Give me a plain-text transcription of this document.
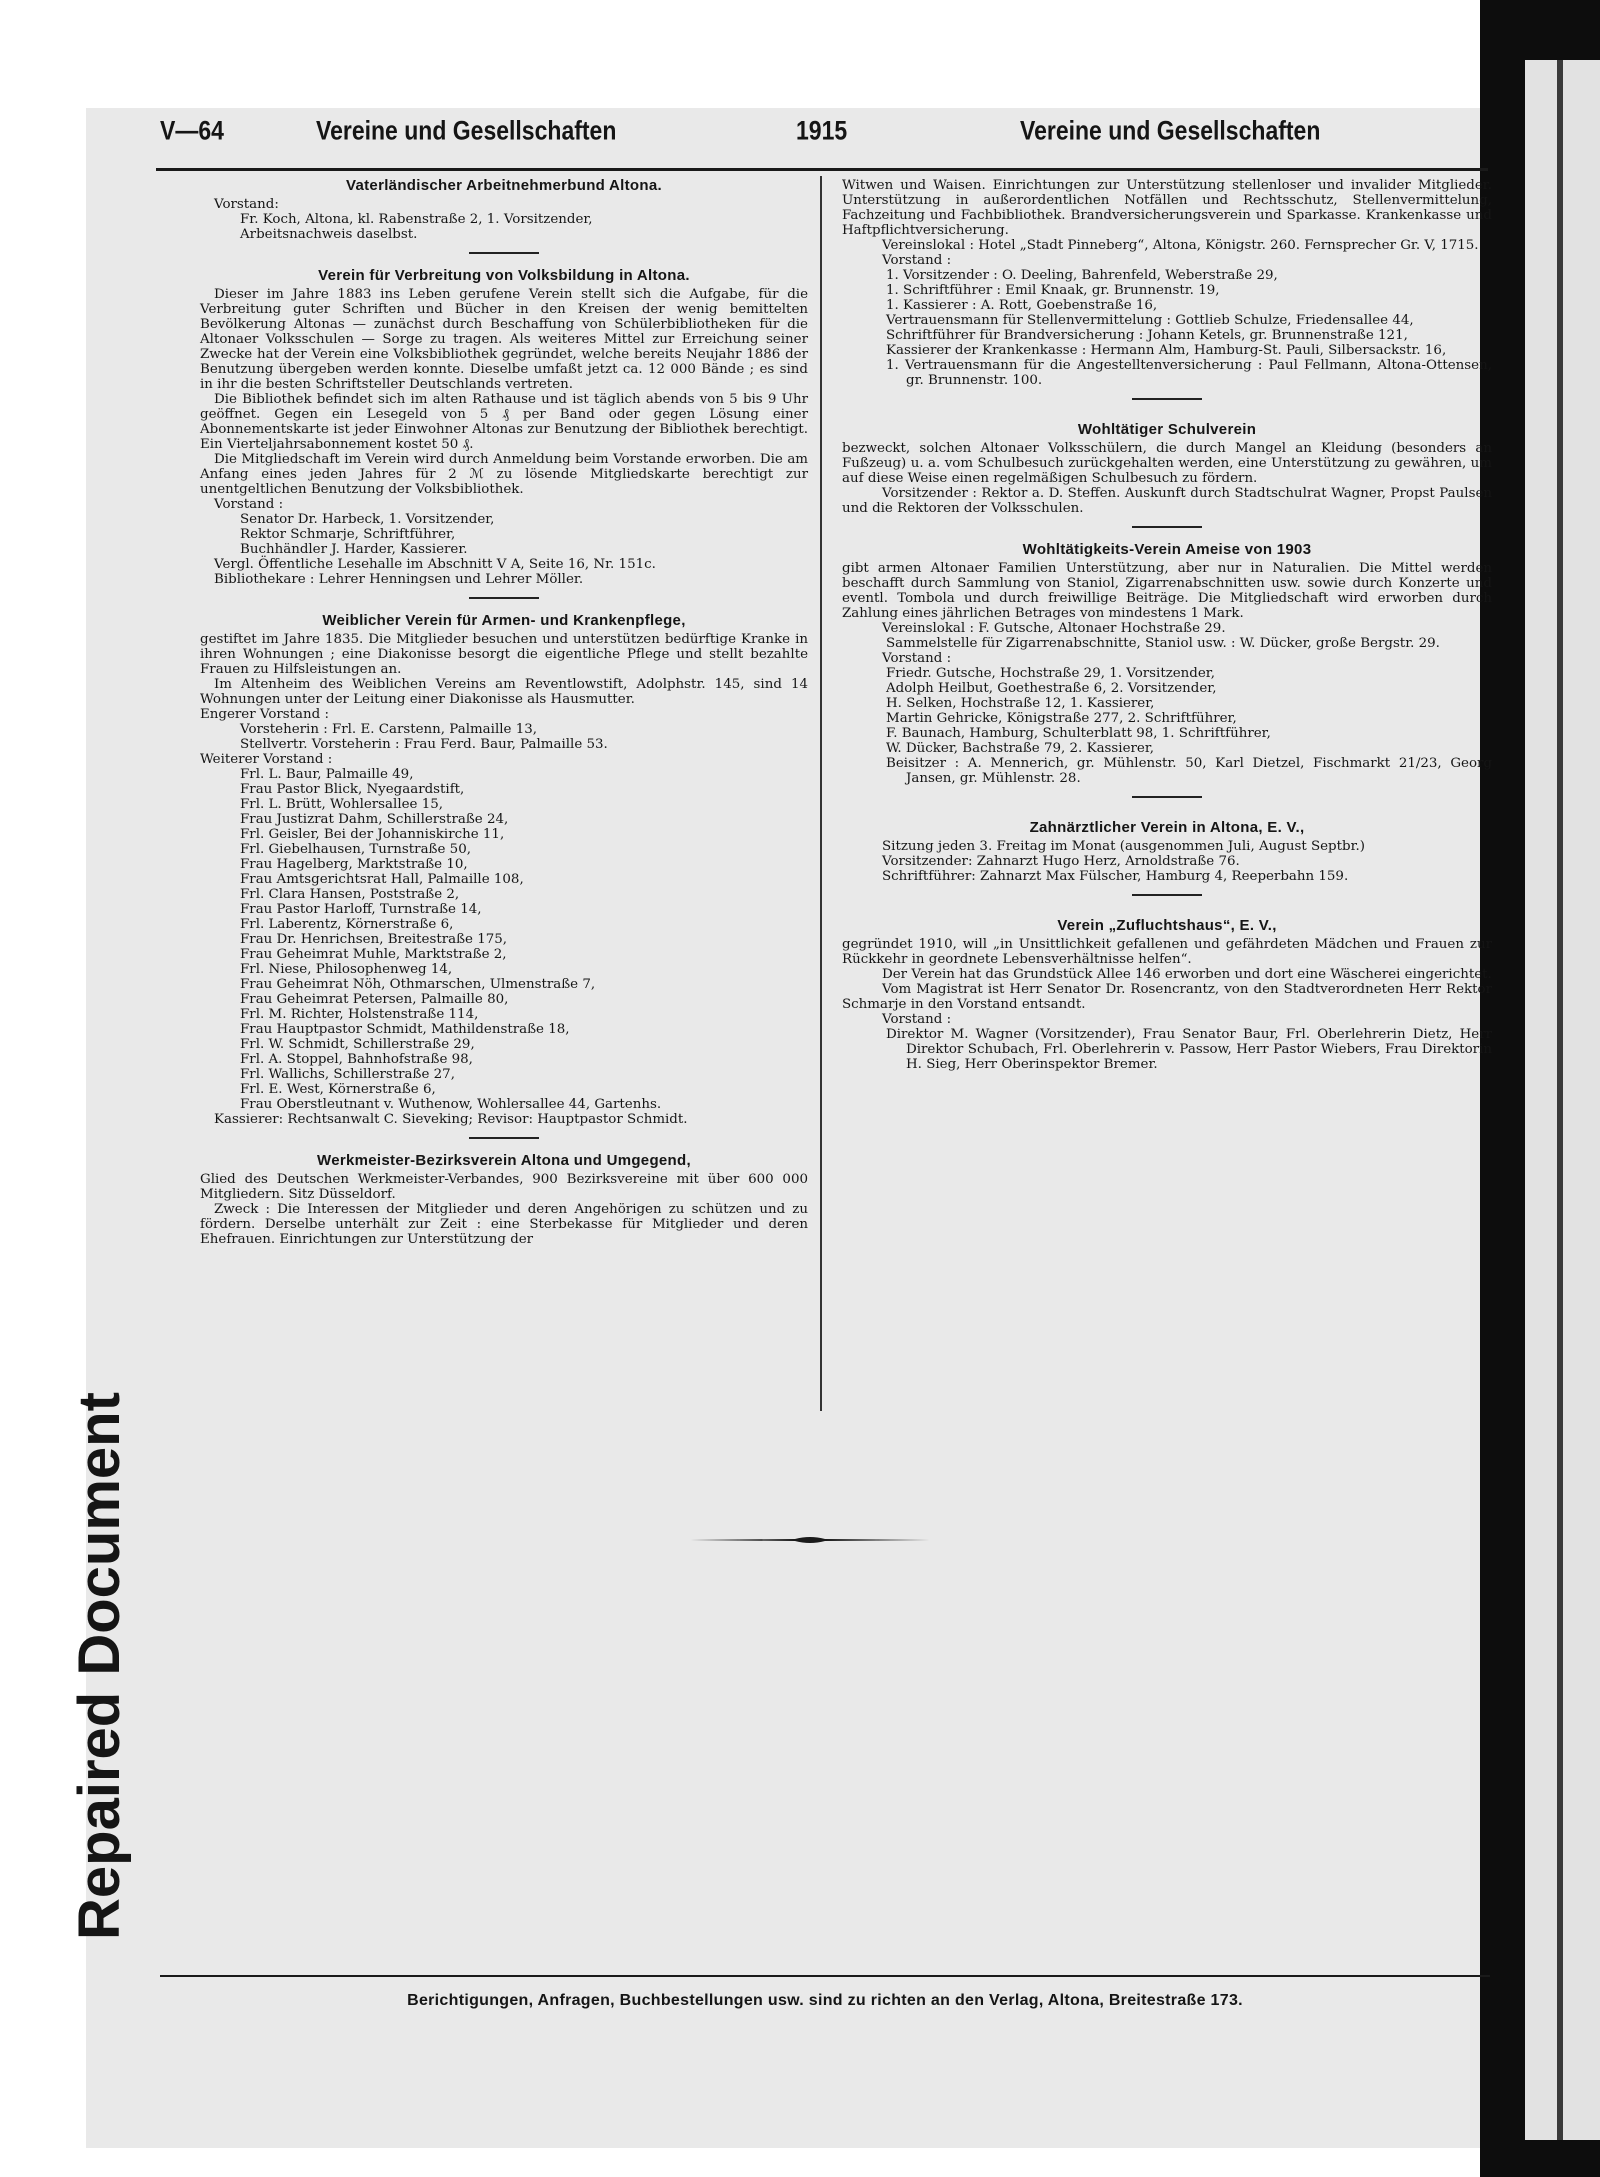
Repaired Document
V—64	Vereine und Gesellschaften	1915	Vereine und Gesellschaften
Vaterländischer Arbeitnehmerbund Altona.

Vorstand:

Fr. Koch, Altona, kl. Rabenstraße 2, 1. Vorsitzender,

Arbeitsnachweis daselbst.

Verein für Verbreitung von Volksbildung in Altona.

Dieser im Jahre 1883 ins Leben gerufene Verein stellt sich die Aufgabe, für die Verbreitung guter Schriften und Bücher in den Kreisen der wenig bemittelten Bevölkerung Altonas — zunächst durch Beschaffung von Schülerbibliotheken für die Altonaer Volksschulen — Sorge zu tragen. Als weiteres Mittel zur Erreichung seiner Zwecke hat der Verein eine Volksbibliothek gegründet, welche bereits Neujahr 1886 der Benutzung übergeben werden konnte. Dieselbe umfaßt jetzt ca. 12 000 Bände ; es sind in ihr die besten Schriftsteller Deutschlands vertreten.

Die Bibliothek befindet sich im alten Rathause und ist täglich abends von 5 bis 9 Uhr geöffnet. Gegen ein Lesegeld von 5 ₰ per Band oder gegen Lösung einer Abonnementskarte ist jeder Einwohner Altonas zur Benutzung der Bibliothek berechtigt. Ein Vierteljahrsabonnement kostet 50 ₰.

Die Mitgliedschaft im Verein wird durch Anmeldung beim Vorstande erworben. Die am Anfang eines jeden Jahres für 2 ℳ zu lösende Mitgliedskarte berechtigt zur unentgeltlichen Benutzung der Volksbibliothek.

Vorstand :

Senator Dr. Harbeck, 1. Vorsitzender,

Rektor Schmarje, Schriftführer,

Buchhändler J. Harder, Kassierer.

Vergl. Öffentliche Lesehalle im Abschnitt V A, Seite 16, Nr. 151c.

Bibliothekare : Lehrer Henningsen und Lehrer Möller.

Weiblicher Verein für Armen- und Krankenpflege,

gestiftet im Jahre 1835. Die Mitglieder besuchen und unterstützen bedürftige Kranke in ihren Wohnungen ; eine Diakonisse besorgt die eigentliche Pflege und stellt bezahlte Frauen zu Hilfsleistungen an.

Im Altenheim des Weiblichen Vereins am Reventlowstift, Adolphstr. 145, sind 14 Wohnungen unter der Leitung einer Diakonisse als Hausmutter.

Engerer Vorstand :

Vorsteherin : Frl. E. Carstenn, Palmaille 13,

Stellvertr. Vorsteherin : Frau Ferd. Baur, Palmaille 53.

Weiterer Vorstand :

Frl. L. Baur, Palmaille 49,

Frau Pastor Blick, Nyegaardstift,

Frl. L. Brütt, Wohlersallee 15,

Frau Justizrat Dahm, Schillerstraße 24,

Frl. Geisler, Bei der Johanniskirche 11,

Frl. Giebelhausen, Turnstraße 50,

Frau Hagelberg, Marktstraße 10,

Frau Amtsgerichtsrat Hall, Palmaille 108,

Frl. Clara Hansen, Poststraße 2,

Frau Pastor Harloff, Turnstraße 14,

Frl. Laberentz, Körnerstraße 6,

Frau Dr. Henrichsen, Breitestraße 175,

Frau Geheimrat Muhle, Marktstraße 2,

Frl. Niese, Philosophenweg 14,

Frau Geheimrat Nöh, Othmarschen, Ulmenstraße 7,

Frau Geheimrat Petersen, Palmaille 80,

Frl. M. Richter, Holstenstraße 114,

Frau Hauptpastor Schmidt, Mathildenstraße 18,

Frl. W. Schmidt, Schillerstraße 29,

Frl. A. Stoppel, Bahnhofstraße 98,

Frl. Wallichs, Schillerstraße 27,

Frl. E. West, Körnerstraße 6,

Frau Oberstleutnant v. Wuthenow, Wohlersallee 44, Gartenhs.

Kassierer: Rechtsanwalt C. Sieveking; Revisor: Hauptpastor Schmidt.

Werkmeister-Bezirksverein Altona und Umgegend,

Glied des Deutschen Werkmeister-Verbandes, 900 Bezirksvereine mit über 600 000 Mitgliedern. Sitz Düsseldorf.

Zweck : Die Interessen der Mitglieder und deren Angehörigen zu schützen und zu fördern. Derselbe unterhält zur Zeit : eine Sterbekasse für Mitglieder und deren Ehefrauen. Einrichtungen zur Unterstützung der

Witwen und Waisen. Einrichtungen zur Unterstützung stellenloser und invalider Mitglieder. Unterstützung in außerordentlichen Notfällen und Rechtsschutz, Stellenvermittelung, Fachzeitung und Fachbibliothek. Brandversicherungsverein und Sparkasse. Krankenkasse und Haftpflichtversicherung.

Vereinslokal : Hotel „Stadt Pinneberg“, Altona, Königstr. 260. Fernsprecher Gr. V, 1715.

Vorstand :

1. Vorsitzender : O. Deeling, Bahrenfeld, Weberstraße 29,

1. Schriftführer : Emil Knaak, gr. Brunnenstr. 19,

1. Kassierer : A. Rott, Goebenstraße 16,

Vertrauensmann für Stellenvermittelung : Gottlieb Schulze, Friedensallee 44,

Schriftführer für Brandversicherung : Johann Ketels, gr. Brunnenstraße 121,

Kassierer der Krankenkasse : Hermann Alm, Hamburg-St. Pauli, Silbersackstr. 16,

1. Vertrauensmann für die Angestelltenversicherung : Paul Fellmann, Altona-Ottensen, gr. Brunnenstr. 100.

Wohltätiger Schulverein

bezweckt, solchen Altonaer Volksschülern, die durch Mangel an Kleidung (besonders an Fußzeug) u. a. vom Schulbesuch zurückgehalten werden, eine Unterstützung zu gewähren, um auf diese Weise einen regelmäßigen Schulbesuch zu fördern.

Vorsitzender : Rektor a. D. Steffen. Auskunft durch Stadtschulrat Wagner, Propst Paulsen und die Rektoren der Volksschulen.

Wohltätigkeits-Verein Ameise von 1903

gibt armen Altonaer Familien Unterstützung, aber nur in Naturalien. Die Mittel werden beschafft durch Sammlung von Staniol, Zigarrenabschnitten usw. sowie durch Konzerte und eventl. Tombola und durch freiwillige Beiträge. Die Mitgliedschaft wird erworben durch Zahlung eines jährlichen Betrages von mindestens 1 Mark.

Vereinslokal : F. Gutsche, Altonaer Hochstraße 29.

Sammelstelle für Zigarrenabschnitte, Staniol usw. : W. Dücker, große Bergstr. 29.

Vorstand :

Friedr. Gutsche, Hochstraße 29, 1. Vorsitzender,

Adolph Heilbut, Goethestraße 6, 2. Vorsitzender,

H. Selken, Hochstraße 12, 1. Kassierer,

Martin Gehricke, Königstraße 277, 2. Schriftführer,

F. Baunach, Hamburg, Schulterblatt 98, 1. Schriftführer,

W. Dücker, Bachstraße 79, 2. Kassierer,

Beisitzer : A. Mennerich, gr. Mühlenstr. 50, Karl Dietzel, Fischmarkt 21/23, Georg Jansen, gr. Mühlenstr. 28.

Zahnärztlicher Verein in Altona, E. V.,

Sitzung jeden 3. Freitag im Monat (ausgenommen Juli, August Septbr.)

Vorsitzender: Zahnarzt Hugo Herz, Arnoldstraße 76.

Schriftführer: Zahnarzt Max Fülscher, Hamburg 4, Reeperbahn 159.

Verein „Zufluchtshaus“, E. V.,

gegründet 1910, will „in Unsittlichkeit gefallenen und gefährdeten Mädchen und Frauen zur Rückkehr in geordnete Lebensverhältnisse helfen“.

Der Verein hat das Grundstück Allee 146 erworben und dort eine Wäscherei eingerichtet.

Vom Magistrat ist Herr Senator Dr. Rosencrantz, von den Stadtverordneten Herr Rektor Schmarje in den Vorstand entsandt.

Vorstand :

Direktor M. Wagner (Vorsitzender), Frau Senator Baur, Frl. Oberlehrerin Dietz, Herr Direktor Schubach, Frl. Oberlehrerin v. Passow, Herr Pastor Wiebers, Frau Direktorin H. Sieg, Herr Oberinspektor Bremer.

Berichtigungen, Anfragen, Buchbestellungen usw. sind zu richten an den Verlag, Altona, Breitestraße 173.
